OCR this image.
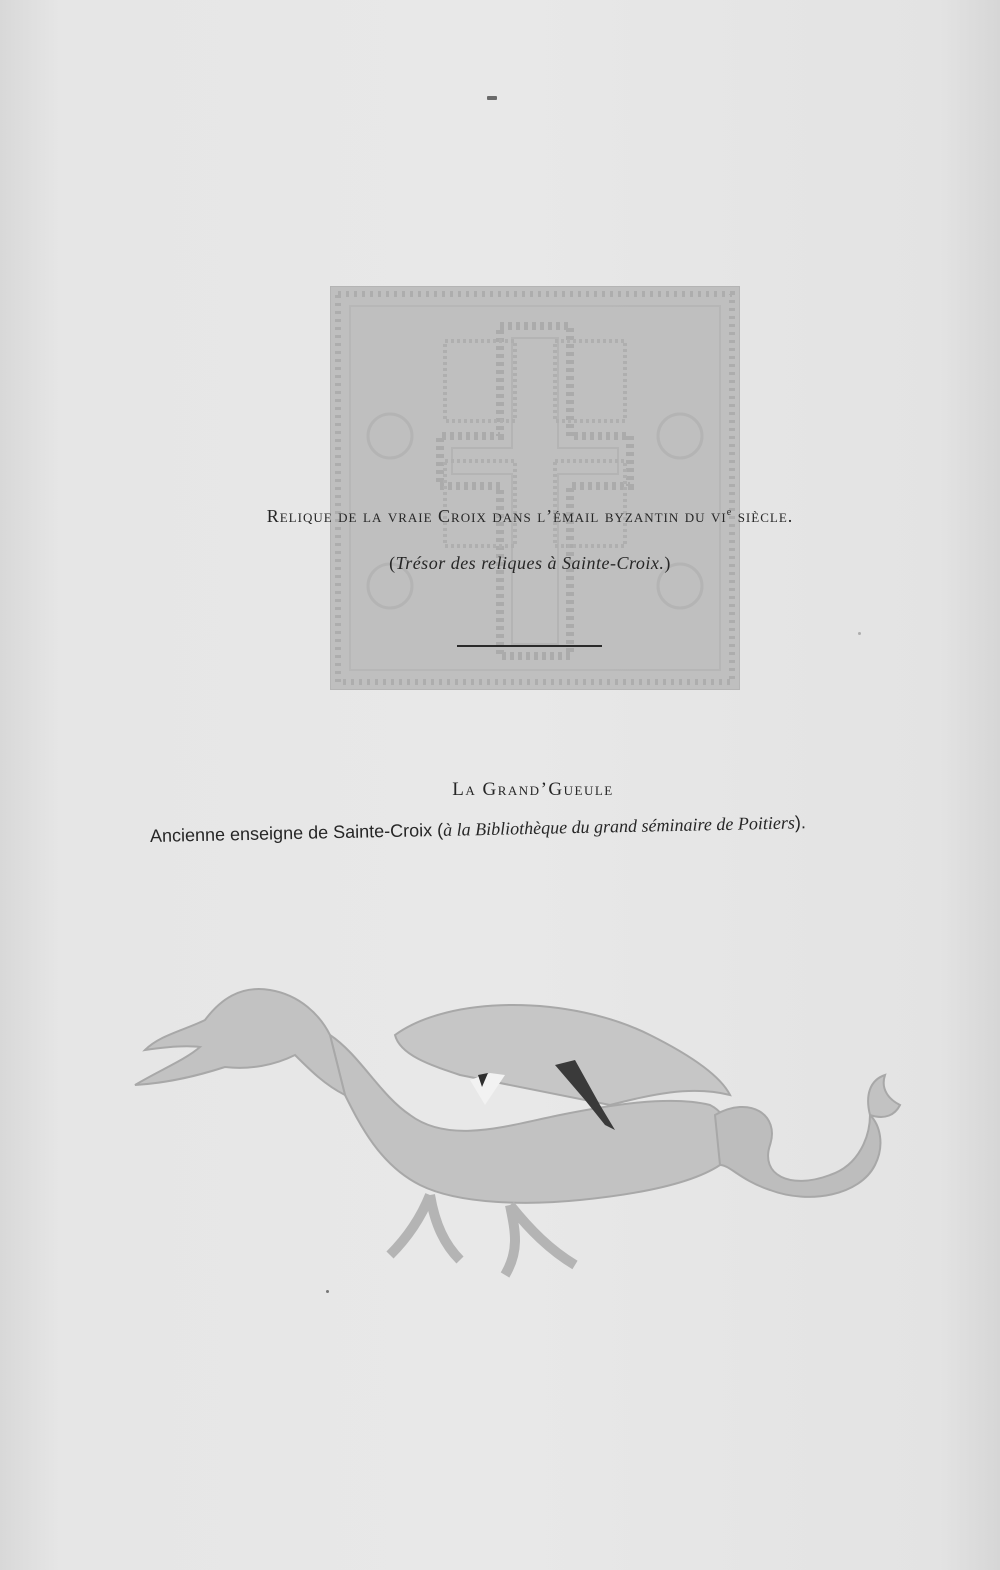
Relique de la vraie Croix dans l’émail byzantin du $vi^e$ siècle.
(Trésor des reliques à Sainte-Croix.)
La Grand’Gueule
Ancienne enseigne de Sainte-Croix (à la Bibliothèque du grand séminaire de Poitiers).
